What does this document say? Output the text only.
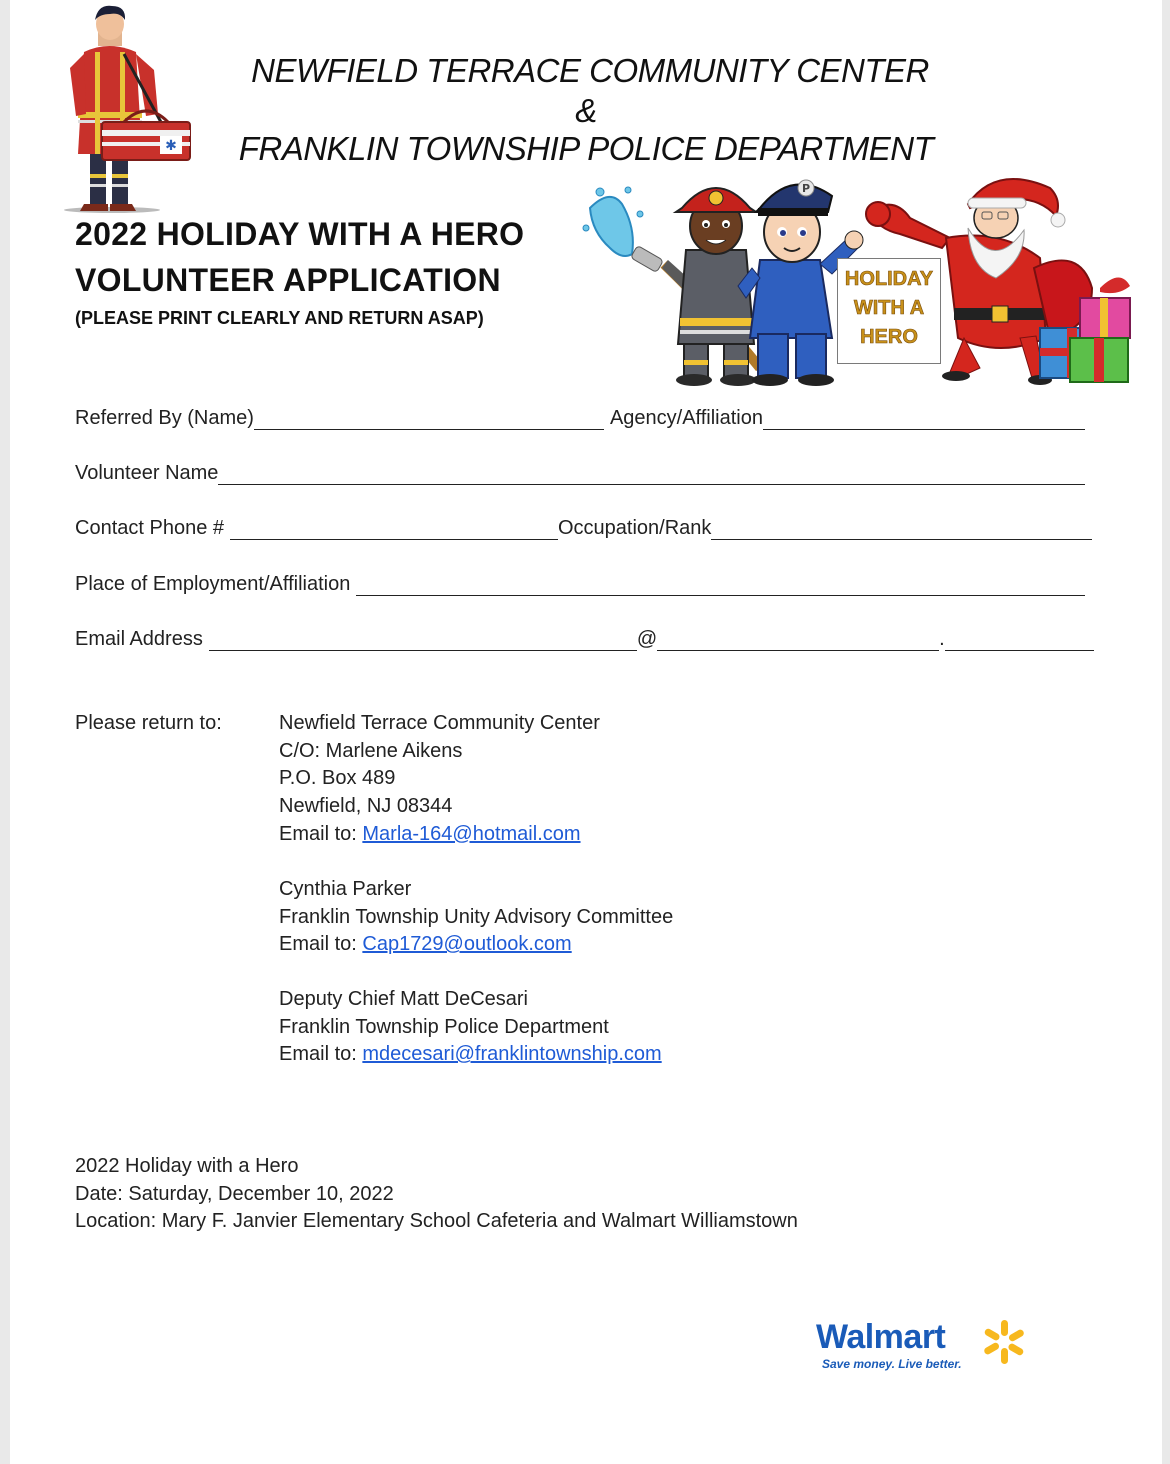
✱
NEWFIELD TERRACE COMMUNITY CENTER
&
FRANKLIN TOWNSHIP POLICE DEPARTMENT
2022 HOLIDAY WITH A HERO
VOLUNTEER APPLICATION
(PLEASE PRINT CLEARLY AND RETURN ASAP)
P
HOLIDAY
WITH A
HERO
Referred By (Name)	Agency/Affiliation
Volunteer Name
Contact Phone #	Occupation/Rank
Place of Employment/Affiliation
Email Address	@	.
Please return to:	Newfield Terrace Community Center
C/O: Marlene Aikens
P.O. Box 489
Newfield, NJ 08344
Email to: Marla-164@hotmail.com
Cynthia Parker
Franklin Township Unity Advisory Committee
Email to: Cap1729@outlook.com
Deputy Chief Matt DeCesari
Franklin Township Police Department
Email to: mdecesari@franklintownship.com
2022 Holiday with a Hero
Date: Saturday, December 10, 2022
Location: Mary F. Janvier Elementary School Cafeteria and Walmart Williamstown
Walmart
Save money. Live better.
